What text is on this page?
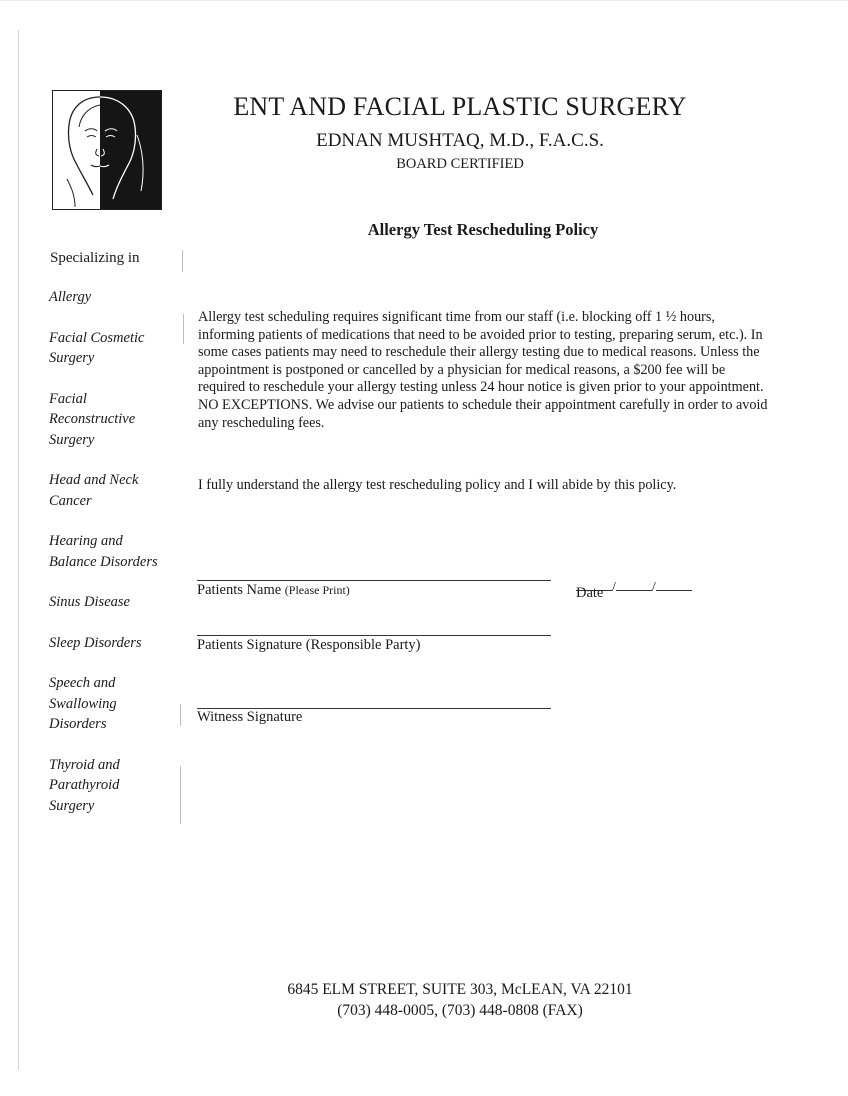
ENT AND FACIAL PLASTIC SURGERY
EDNAN MUSHTAQ, M.D., F.A.C.S.
BOARD CERTIFIED
Allergy Test Rescheduling Policy
Specializing in
Allergy
Facial Cosmetic
Surgery
Facial
Reconstructive
Surgery
Head and Neck
Cancer
Hearing and
Balance Disorders
Sinus Disease
Sleep Disorders
Speech and
Swallowing
Disorders
Thyroid and
Parathyroid
Surgery
Allergy test scheduling requires significant time from our staff (i.e. blocking off 1 ½ hours, informing patients of medications that need to be avoided prior to testing, preparing serum, etc.). In some cases patients may need to reschedule their allergy testing due to medical reasons. Unless the appointment is postponed or cancelled by a physician for medical reasons, a $200 fee will be required to reschedule your allergy testing unless 24 hour notice is given prior to your appointment. NO EXCEPTIONS. We advise our patients to schedule their appointment carefully in order to avoid any rescheduling fees.
I fully understand the allergy test rescheduling policy and I will abide by this policy.
Patients Name (Please Print)	/	/
Date
Patients Signature (Responsible Party)
Witness Signature
6845 ELM STREET, SUITE 303, McLEAN, VA 22101
(703) 448-0005, (703) 448-0808 (FAX)
